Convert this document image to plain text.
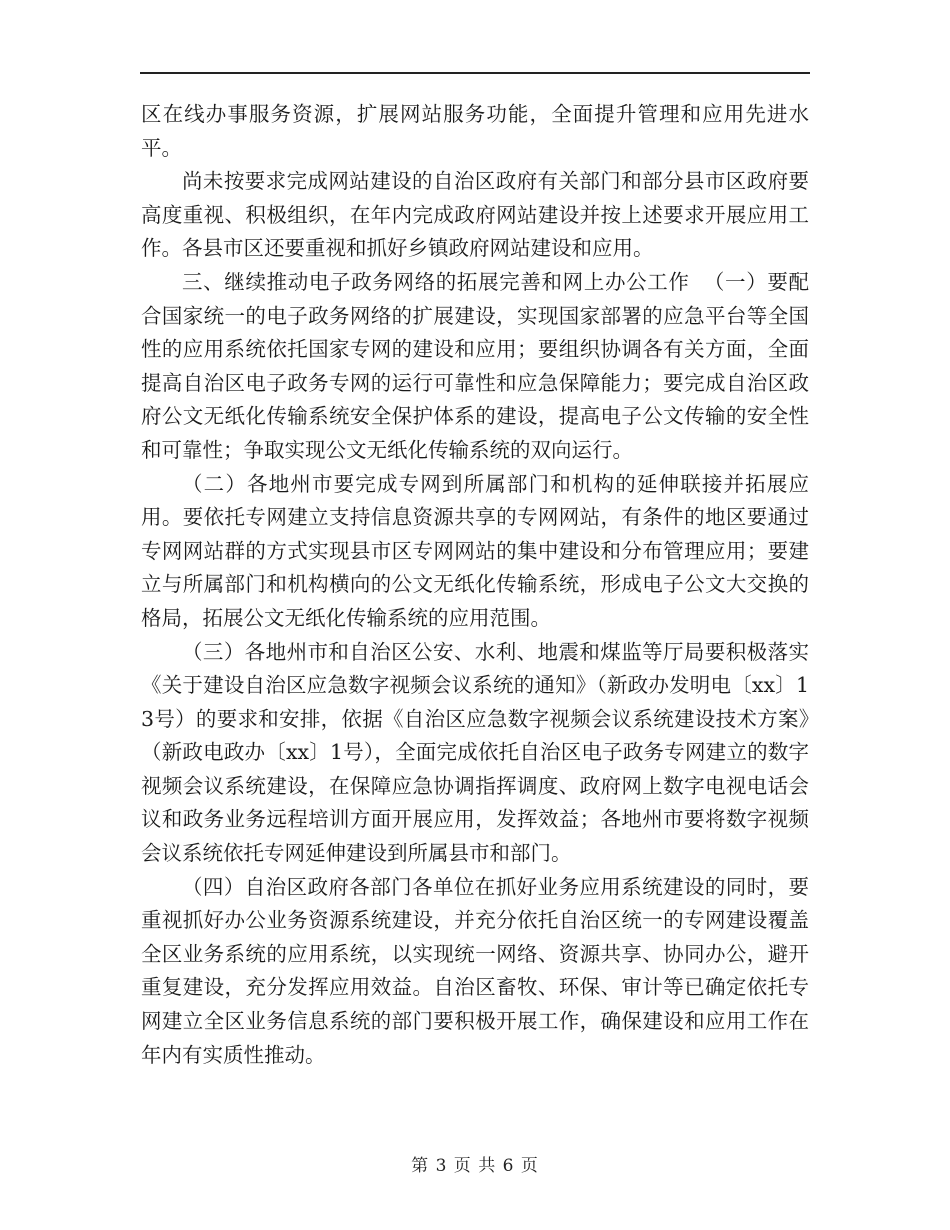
区在线办事服务资源，扩展网站服务功能，全面提升管理和应用先进水平。

尚未按要求完成网站建设的自治区政府有关部门和部分县市区政府要高度重视、积极组织，在年内完成政府网站建设并按上述要求开展应用工作。各县市区还要重视和抓好乡镇政府网站建设和应用。

三、继续推动电子政务网络的拓展完善和网上办公工作  （一）要配合国家统一的电子政务网络的扩展建设，实现国家部署的应急平台等全国性的应用系统依托国家专网的建设和应用；要组织协调各有关方面，全面提高自治区电子政务专网的运行可靠性和应急保障能力；要完成自治区政府公文无纸化传输系统安全保护体系的建设，提高电子公文传输的安全性和可靠性；争取实现公文无纸化传输系统的双向运行。

（二）各地州市要完成专网到所属部门和机构的延伸联接并拓展应用。要依托专网建立支持信息资源共享的专网网站，有条件的地区要通过专网网站群的方式实现县市区专网网站的集中建设和分布管理应用；要建立与所属部门和机构横向的公文无纸化传输系统，形成电子公文大交换的格局，拓展公文无纸化传输系统的应用范围。

（三）各地州市和自治区公安、水利、地震和煤监等厅局要积极落实《关于建设自治区应急数字视频会议系统的通知》（新政办发明电〔xx〕13号）的要求和安排，依据《自治区应急数字视频会议系统建设技术方案》（新政电政办〔xx〕1号），全面完成依托自治区电子政务专网建立的数字视频会议系统建设，在保障应急协调指挥调度、政府网上数字电视电话会议和政务业务远程培训方面开展应用，发挥效益；各地州市要将数字视频会议系统依托专网延伸建设到所属县市和部门。

（四）自治区政府各部门各单位在抓好业务应用系统建设的同时，要重视抓好办公业务资源系统建设，并充分依托自治区统一的专网建设覆盖全区业务系统的应用系统，以实现统一网络、资源共享、协同办公，避开重复建设，充分发挥应用效益。自治区畜牧、环保、审计等已确定依托专网建立全区业务信息系统的部门要积极开展工作，确保建设和应用工作在年内有实质性推动。

第 3 页 共 6 页
